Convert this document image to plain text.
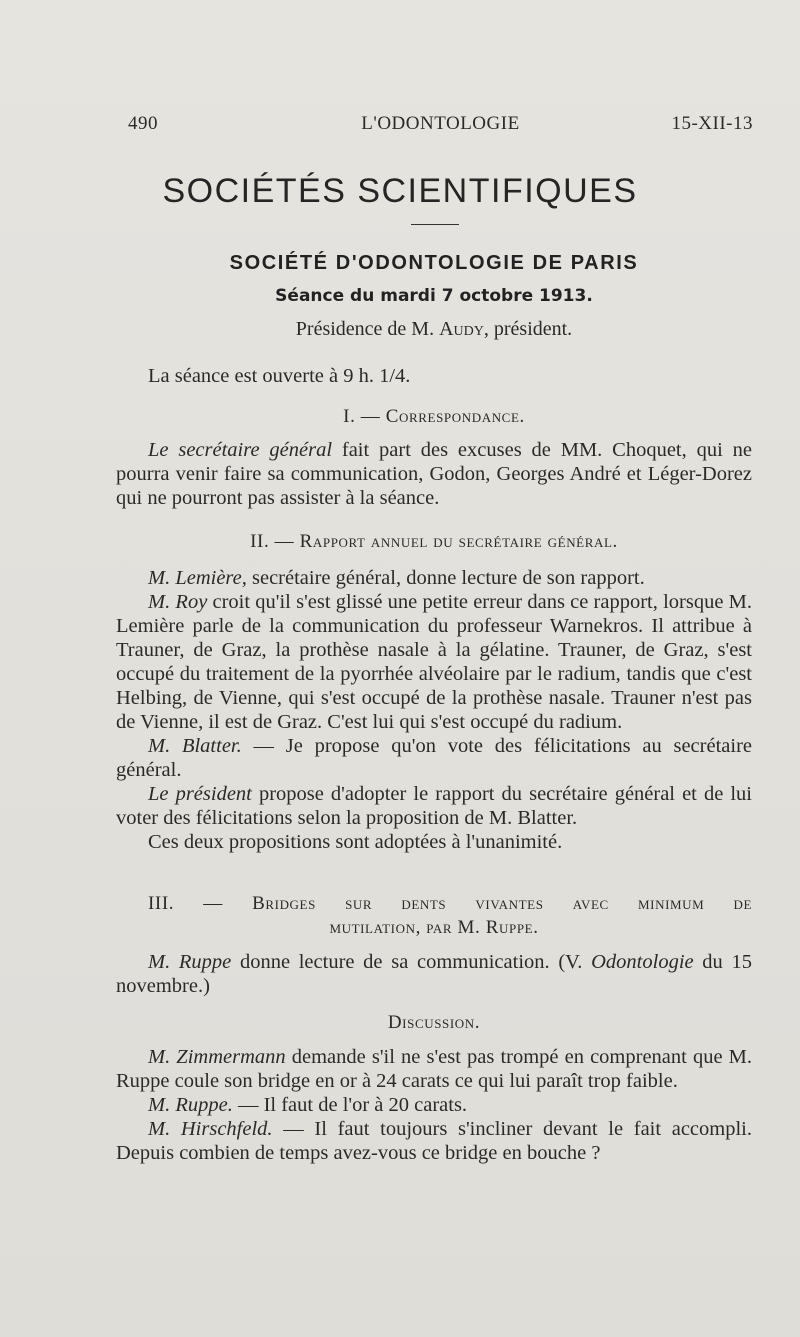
490	L'ODONTOLOGIE	15-XII-13
SOCIÉTÉS SCIENTIFIQUES
SOCIÉTÉ D'ODONTOLOGIE DE PARIS
Séance du mardi 7 octobre 1913.
Présidence de M. Audy, président.

La séance est ouverte à 9 h. 1/4.

I. — Correspondance.

Le secrétaire général fait part des excuses de MM. Choquet, qui ne pourra venir faire sa communication, Godon, Georges André et Léger-Dorez qui ne pourront pas assister à la séance.

II. — Rapport annuel du secrétaire général.

M. Lemière, secrétaire général, donne lecture de son rapport.

M. Roy croit qu'il s'est glissé une petite erreur dans ce rapport, lorsque M. Lemière parle de la communication du professeur Warnekros. Il attribue à Trauner, de Graz, la prothèse nasale à la gélatine. Trauner, de Graz, s'est occupé du traitement de la pyorrhée alvéolaire par le radium, tandis que c'est Helbing, de Vienne, qui s'est occupé de la prothèse nasale. Trauner n'est pas de Vienne, il est de Graz. C'est lui qui s'est occupé du radium.

M. Blatter. — Je propose qu'on vote des félicitations au secrétaire général.

Le président propose d'adopter le rapport du secrétaire général et de lui voter des félicitations selon la proposition de M. Blatter.

Ces deux propositions sont adoptées à l'unanimité.

III. — Bridges sur dents vivantes avec minimum de
mutilation, par M. Ruppe.

M. Ruppe donne lecture de sa communication. (V. Odontologie du 15 novembre.)

Discussion.

M. Zimmermann demande s'il ne s'est pas trompé en comprenant que M. Ruppe coule son bridge en or à 24 carats ce qui lui paraît trop faible.

M. Ruppe. — Il faut de l'or à 20 carats.

M. Hirschfeld. — Il faut toujours s'incliner devant le fait accompli. Depuis combien de temps avez-vous ce bridge en bouche ?
